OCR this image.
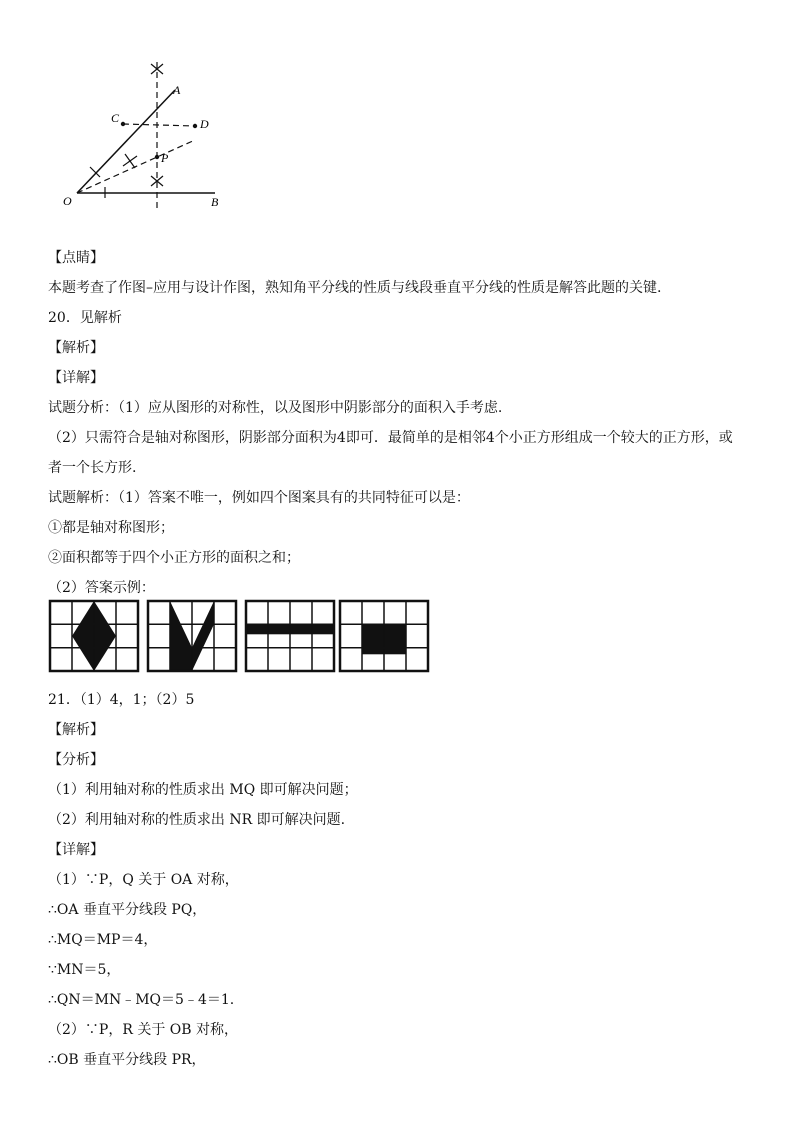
A
C	D
P
O	B
【点睛】
本题考查了作图–应用与设计作图，熟知角平分线的性质与线段垂直平分线的性质是解答此题的关键.
20．见解析
【解析】
【详解】
试题分析：（1）应从图形的对称性，以及图形中阴影部分的面积入手考虑.
（2）只需符合是轴对称图形，阴影部分面积为4即可．最简单的是相邻4个小正方形组成一个较大的正方形，或
者一个长方形.
试题解析：（1）答案不唯一，例如四个图案具有的共同特征可以是：
①都是轴对称图形；
②面积都等于四个小正方形的面积之和；
（2）答案示例：
21．（1）4，1；（2）5
【解析】
【分析】
（1）利用轴对称的性质求出 MQ 即可解决问题；
（2）利用轴对称的性质求出 NR 即可解决问题.
【详解】
（1）∵P，Q 关于 OA 对称，
∴OA 垂直平分线段 PQ，
∴MQ＝MP＝4，
∵MN＝5，
∴QN＝MN﹣MQ＝5﹣4＝1.
（2）∵P，R 关于 OB 对称，
∴OB 垂直平分线段 PR，
